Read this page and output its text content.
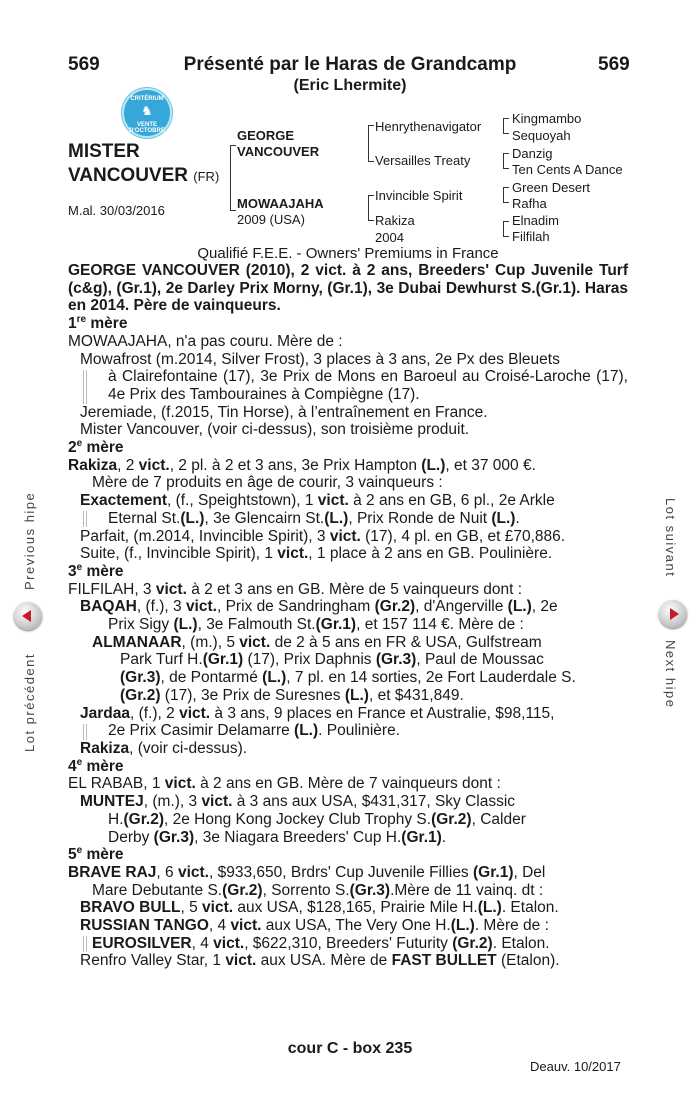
569	569
Présenté par le Haras de Grandcamp
(Eric Lhermite)
CRITÉRIUM
♞
VENTE D'OCTOBRE
MISTER
VANCOUVER (FR)
M.al. 30/03/2016
GEORGE
VANCOUVER
MOWAAJAHA
2009 (USA)
Henrythenavigator
Versailles Treaty
Invincible Spirit
Rakiza
2004
Kingmambo
Sequoyah
Danzig
Ten Cents A Dance
Green Desert
Rafha
Elnadim
Filfilah
Qualifié F.E.E. - Owners' Premiums in France

GEORGE VANCOUVER (2010), 2 vict. à 2 ans, Breeders' Cup Juvenile Turf (c&g), (Gr.1), 2e Darley Prix Morny, (Gr.1), 3e Dubai Dewhurst S.(Gr.1). Haras en 2014. Père de vainqueurs.

1re mère

MOWAAJAHA, n'a pas couru. Mère de :

Mowafrost (m.2014, Silver Frost), 3 places à 3 ans, 2e Px des Bleuets

à Clairefontaine (17), 3e Prix de Mons en Baroeul au Croisé-Laroche (17), 4e Prix des Tambouraines à Compiègne (17).

Jeremiade, (f.2015, Tin Horse), à l’entraînement en France.

Mister Vancouver, (voir ci-dessus), son troisième produit.

2e mère

Rakiza, 2 vict., 2 pl. à 2 et 3 ans, 3e Prix Hampton (L.), et 37 000 €.

Mère de 7 produits en âge de courir, 3 vainqueurs :

Exactement, (f., Speightstown), 1 vict. à 2 ans en GB, 6 pl., 2e Arkle

Eternal St.(L.), 3e Glencairn St.(L.), Prix Ronde de Nuit (L.).

Parfait, (m.2014, Invincible Spirit), 3 vict. (17), 4 pl. en GB, et £70,886.

Suite, (f., Invincible Spirit), 1 vict., 1 place à 2 ans en GB. Poulinière.

3e mère

FILFILAH, 3 vict. à 2 et 3 ans en GB. Mère de 5 vainqueurs dont :

BAQAH, (f.), 3 vict., Prix de Sandringham (Gr.2), d'Angerville (L.), 2e

Prix Sigy (L.), 3e Falmouth St.(Gr.1), et 157 114 €. Mère de :

ALMANAAR, (m.), 5 vict. de 2 à 5 ans en FR & USA, Gulfstream

Park Turf H.(Gr.1) (17), Prix Daphnis (Gr.3), Paul de Moussac

(Gr.3), de Pontarmé (L.), 7 pl. en 14 sorties, 2e Fort Lauderdale S.

(Gr.2) (17), 3e Prix de Suresnes (L.), et $431,849.

Jardaa, (f.), 2 vict. à 3 ans, 9 places en France et Australie, $98,115,

2e Prix Casimir Delamarre (L.). Poulinière.

Rakiza, (voir ci-dessus).

4e mère

EL RABAB, 1 vict. à 2 ans en GB. Mère de 7 vainqueurs dont :

MUNTEJ, (m.), 3 vict. à 3 ans aux USA, $431,317, Sky Classic

H.(Gr.2), 2e Hong Kong Jockey Club Trophy S.(Gr.2), Calder

Derby (Gr.3), 3e Niagara Breeders' Cup H.(Gr.1).

5e mère

BRAVE RAJ, 6 vict., $933,650, Brdrs' Cup Juvenile Fillies (Gr.1), Del

Mare Debutante S.(Gr.2), Sorrento S.(Gr.3).Mère de 11 vainq. dt :

BRAVO BULL, 5 vict. aux USA, $128,165, Prairie Mile H.(L.). Etalon.

RUSSIAN TANGO, 4 vict. aux USA, The Very One H.(L.). Mère de :

EUROSILVER, 4 vict., $622,310, Breeders' Futurity (Gr.2). Etalon.

Renfro Valley Star, 1 vict. aux USA. Mère de FAST BULLET (Etalon).

Lot précédent
Previous hipe	Lot suivant
Next hipe
cour C - box 235
Deauv. 10/2017
